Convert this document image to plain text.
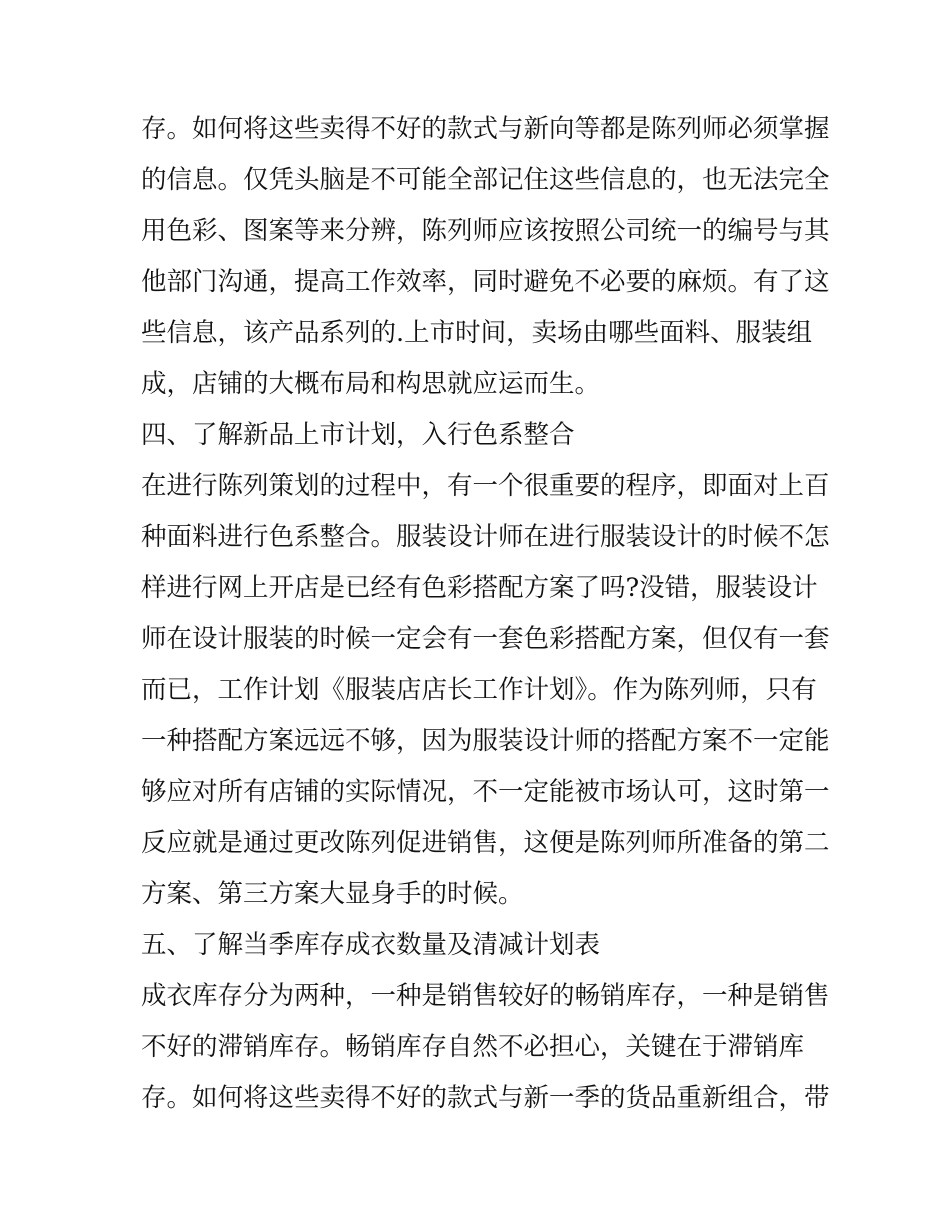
存。如何将这些卖得不好的款式与新向等都是陈列师必须掌握
的信息。仅凭头脑是不可能全部记住这些信息的，也无法完全
用色彩、图案等来分辨，陈列师应该按照公司统一的编号与其
他部门沟通，提高工作效率，同时避免不必要的麻烦。有了这
些信息，该产品系列的.上市时间，卖场由哪些面料、服装组
成，店铺的大概布局和构思就应运而生。
四、了解新品上市计划，入行色系整合
在进行陈列策划的过程中，有一个很重要的程序，即面对上百
种面料进行色系整合。服装设计师在进行服装设计的时候不怎
样进行网上开店是已经有色彩搭配方案了吗?没错，服装设计
师在设计服装的时候一定会有一套色彩搭配方案，但仅有一套
而已，工作计划《服装店店长工作计划》。作为陈列师，只有
一种搭配方案远远不够，因为服装设计师的搭配方案不一定能
够应对所有店铺的实际情况，不一定能被市场认可，这时第一
反应就是通过更改陈列促进销售，这便是陈列师所准备的第二
方案、第三方案大显身手的时候。
五、了解当季库存成衣数量及清减计划表
成衣库存分为两种，一种是销售较好的畅销库存，一种是销售
不好的滞销库存。畅销库存自然不必担心，关键在于滞销库
存。如何将这些卖得不好的款式与新一季的货品重新组合，带
